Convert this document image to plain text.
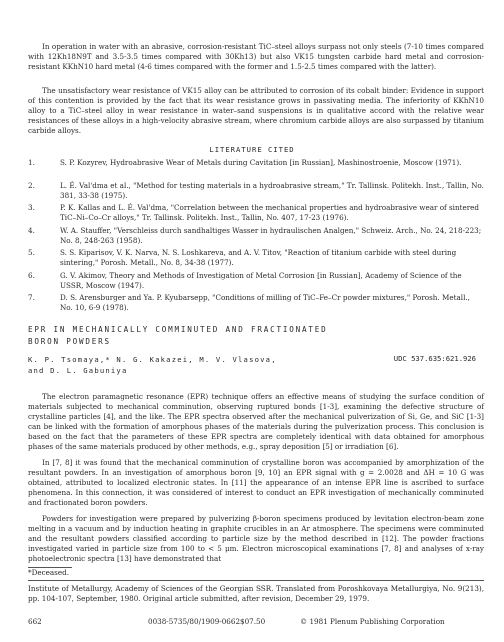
In operation in water with an abrasive, corrosion-resistant TiC–steel alloys surpass not only steels (7-10 times compared with 12Kh18N9T and 3.5-3.5 times compared with 30Kh13) but also VK15 tungsten carbide hard metal and corrosion-resistant KKhN10 hard metal (4-6 times compared with the former and 1.5-2.5 times compared with the latter).

The unsatisfactory wear resistance of VK15 alloy can be attributed to corrosion of its cobalt binder: Evidence in support of this contention is provided by the fact that its wear resistance grows in passivating media. The inferiority of KKhN10 alloy to a TiC–steel alloy in wear resistance in water–sand suspensions is in qualitative accord with the relative wear resistances of these alloys in a high-velocity abrasive stream, where chromium carbide alloys are also surpassed by titanium carbide alloys.

LITERATURE CITED
1.	S. P. Kozyrev, Hydroabrasive Wear of Metals during Cavitation [in Russian], Mashinostroenie, Moscow (1971).
2.	L. É. Val'dma et al., "Method for testing materials in a hydroabrasive stream," Tr. Tallinsk. Politekh. Inst., Tallin, No. 381, 33-38 (1975).
3.	P. K. Kallas and L. É. Val'dma, "Correlation between the mechanical properties and hydroabrasive wear of sintered TiC–Ni–Co–Cr alloys," Tr. Tallinsk. Politekh. Inst., Tallin, No. 407, 17-23 (1976).
4.	W. A. Stauffer, "Verschleiss durch sandhaltiges Wasser in hydraulischen Analgen," Schweiz. Arch., No. 24, 218-223; No. 8, 248-263 (1958).
5.	S. S. Kiparisov, V. K. Narva, N. S. Loshkareva, and A. V. Titov, "Reaction of titanium carbide with steel during sintering," Porosh. Metall., No. 8, 34-38 (1977).
6.	G. V. Akimov, Theory and Methods of Investigation of Metal Corrosion [in Russian], Academy of Science of the USSR, Moscow (1947).
7.	D. S. Arensburger and Ya. P. Kyubarsepp, "Conditions of milling of TiC–Fe–Cr powder mixtures," Porosh. Metall., No. 10, 6-9 (1978).
EPR IN MECHANICALLY COMMINUTED AND FRACTIONATED
BORON POWDERS
K. P. Tsomaya,* N. G. Kakazei, M. V. Vlasova,
and D. L. Gabuniya
UDC 537.635:621.926

The electron paramagnetic resonance (EPR) technique offers an effective means of studying the surface condition of materials subjected to mechanical comminution, observing ruptured bonds [1-3], examining the defective structure of crystalline particles [4], and the like. The EPR spectra observed after the mechanical pulverization of Si, Ge, and SiC [1-3] can be linked with the formation of amorphous phases of the materials during the pulverization process. This conclusion is based on the fact that the parameters of these EPR spectra are completely identical with data obtained for amorphous phases of the same materials produced by other methods, e.g., spray deposition [5] or irradiation [6].

In [7, 8] it was found that the mechanical comminution of crystalline boron was accompanied by amorphization of the resultant powders. In an investigation of amorphous boron [9, 10] an EPR signal with g = 2.0028 and ΔH = 10 G was obtained, attributed to localized electronic states. In [11] the appearance of an intense EPR line is ascribed to surface phenomena. In this connection, it was considered of interest to conduct an EPR investigation of mechanically comminuted and fractionated boron powders.

Powders for investigation were prepared by pulverizing β-boron specimens produced by levitation electron-beam zone melting in a vacuum and by induction heating in graphite crucibles in an Ar atmosphere. The specimens were comminuted and the resultant powders classified according to particle size by the method described in [12]. The powder fractions investigated varied in particle size from 100 to < 5 μm. Electron microscopical examinations [7, 8] and analyses of x-ray photoelectronic spectra [13] have demonstrated that

*Deceased.
Institute of Metallurgy, Academy of Sciences of the Georgian SSR. Translated from Poroshkovaya Metallurgiya, No. 9(213), pp. 104-107, September, 1980. Original article submitted, after revision, December 29, 1979.
662	0038-5735/80/1909-0662$07.50	© 1981 Plenum Publishing Corporation
